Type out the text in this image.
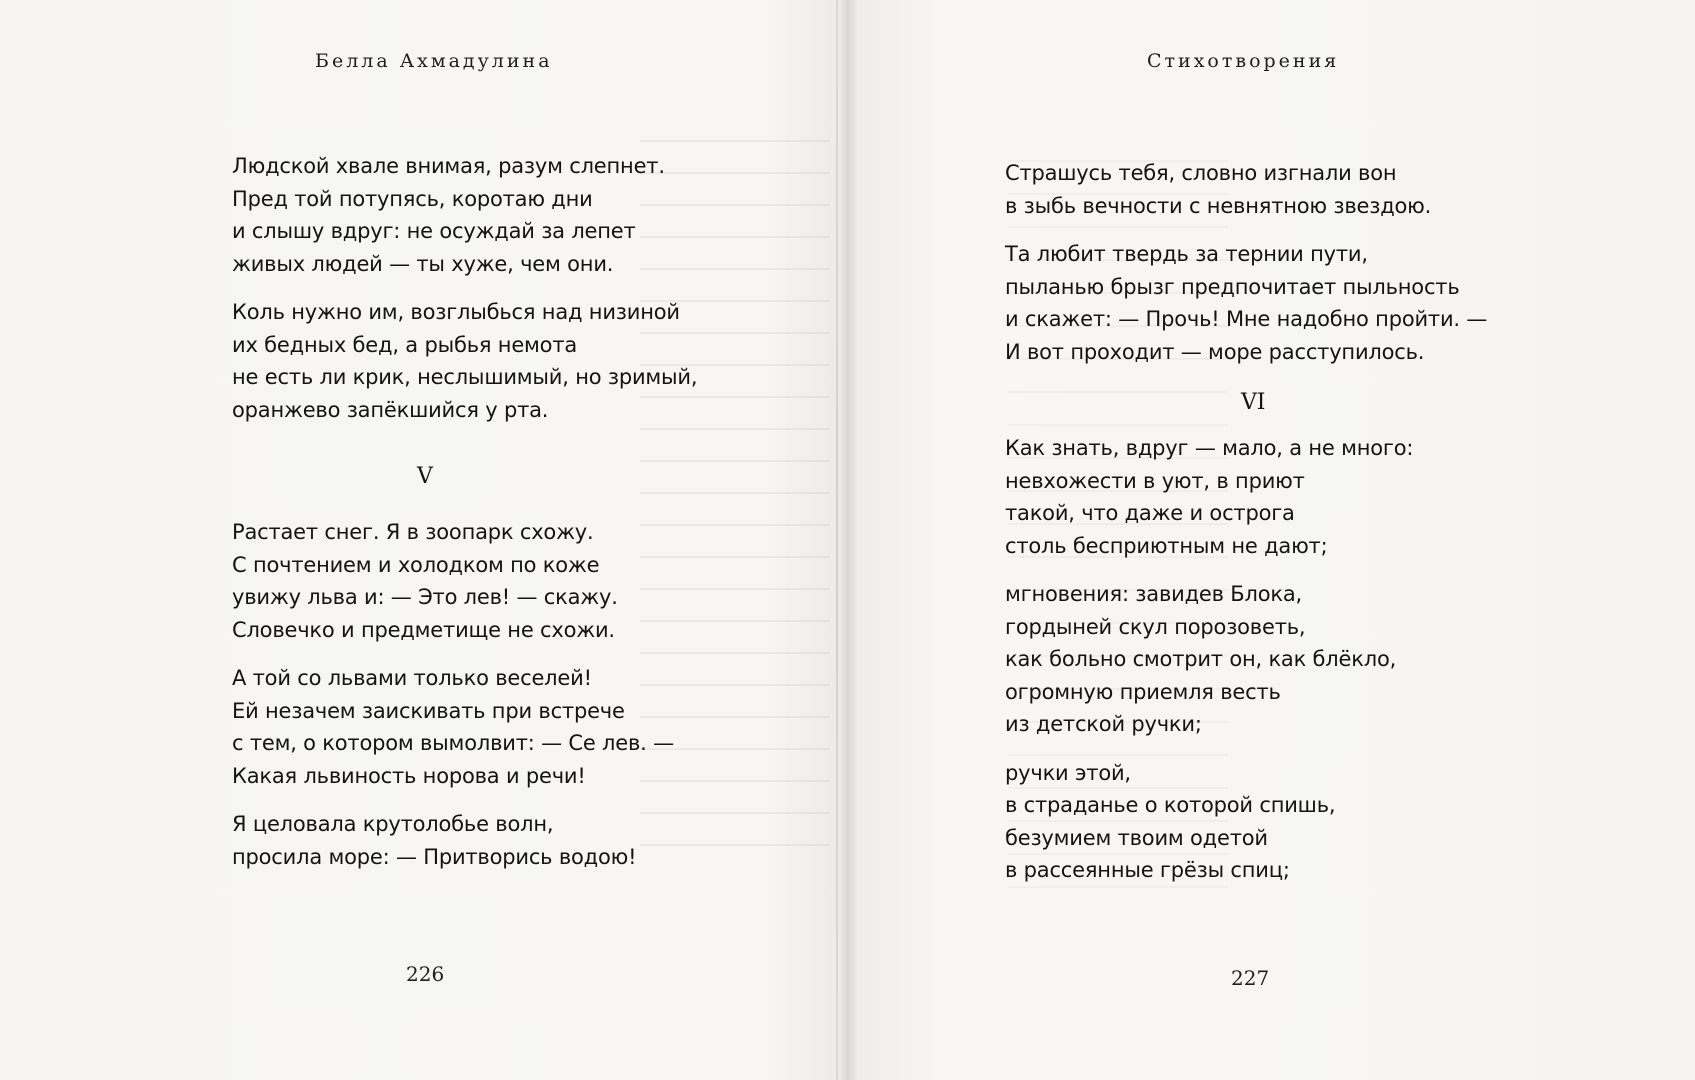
Белла Ахмадулина
Людской хвале внимая, разум слепнет.
Пред той потупясь, коротаю дни
и слышу вдруг: не осуждай за лепет
живых людей — ты хуже, чем они.
Коль нужно им, возглыбься над низиной
их бедных бед, а рыбья немота
не есть ли крик, неслышимый, но зримый,
оранжево запёкшийся у рта.
V
Растает снег. Я в зоопарк схожу.
С почтением и холодком по коже
увижу льва и: — Это лев! — скажу.
Словечко и предметище не схожи.
А той со львами только веселей!
Ей незачем заискивать при встрече
с тем, о котором вымолвит: — Се лев. —
Какая львиность норова и речи!
Я целовала крутолобье волн,
просила море: — Притворись водою!
226
Стихотворения
Страшусь тебя, словно изгнали вон
в зыбь вечности с невнятною звездою.
Та любит твердь за тернии пути,
пыланью брызг предпочитает пыльность
и скажет: — Прочь! Мне надобно пройти. —
И вот проходит — море расступилось.
VI
Как знать, вдруг — мало, а не много:
невхожести в уют, в приют
такой, что даже и острога
столь бесприютным не дают;
мгновения: завидев Блока,
гордыней скул порозоветь,
как больно смотрит он, как блёкло,
огромную приемля весть
из детской ручки;
ручки этой,
в страданье о которой спишь,
безумием твоим одетой
в рассеянные грёзы спиц;
227
